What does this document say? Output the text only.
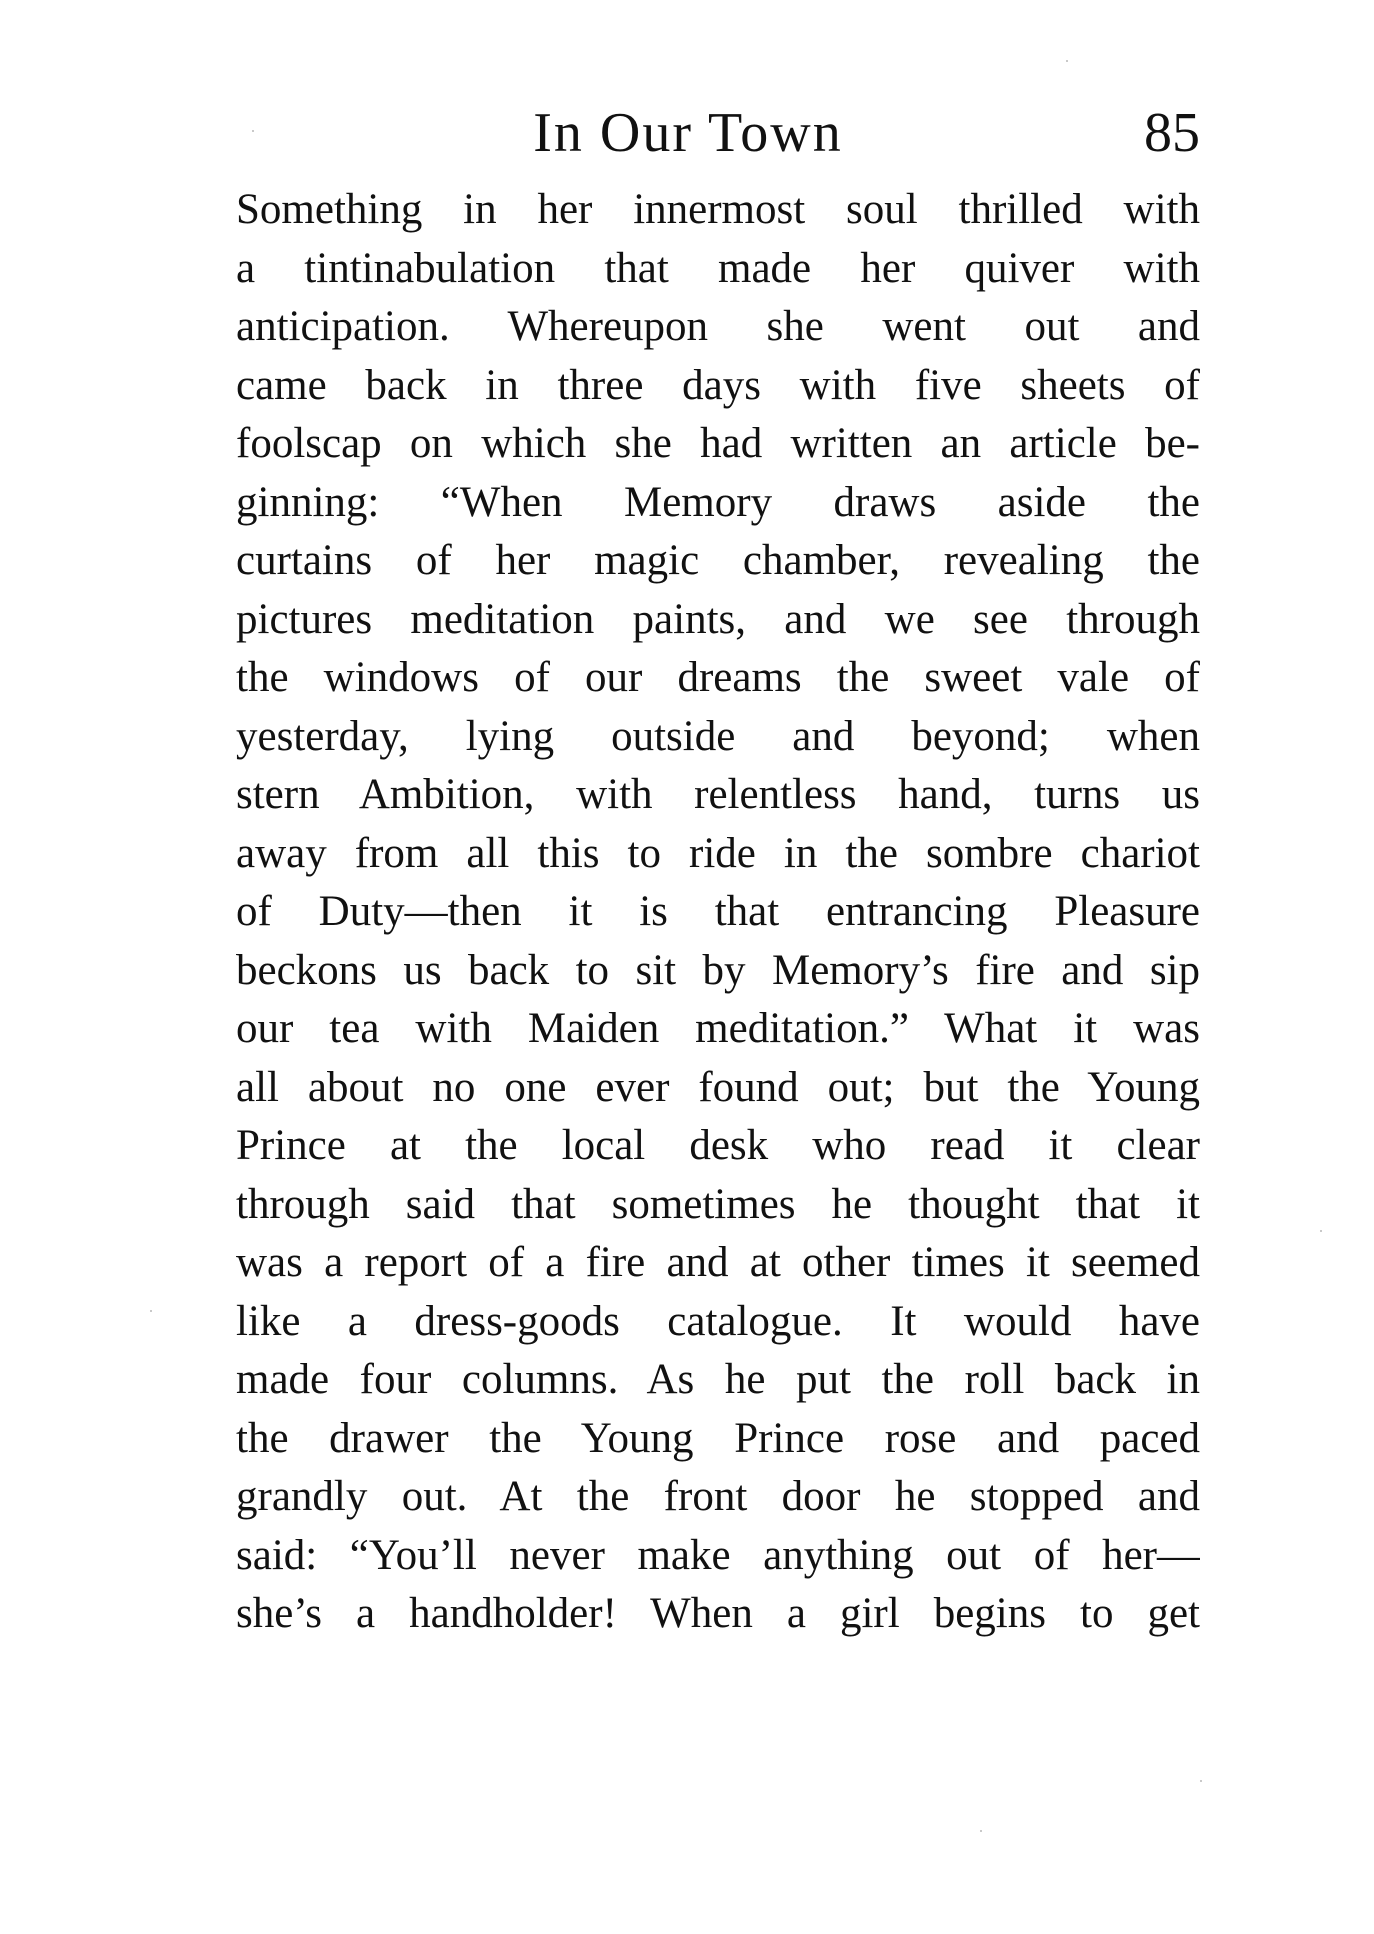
In Our Town	85
Something in her innermost soul thrilled with
a tintinabulation that made her quiver with
anticipation. Whereupon she went out and
came back in three days with five sheets of
foolscap on which she had written an article be-
ginning: “When Memory draws aside the
curtains of her magic chamber, revealing the
pictures meditation paints, and we see through
the windows of our dreams the sweet vale of
yesterday, lying outside and beyond; when
stern Ambition, with relentless hand, turns us
away from all this to ride in the sombre chariot
of Duty—then it is that entrancing Pleasure
beckons us back to sit by Memory’s fire and sip
our tea with Maiden meditation.” What it was
all about no one ever found out; but the Young
Prince at the local desk who read it clear
through said that sometimes he thought that it
was a report of a fire and at other times it seemed
like a dress-goods catalogue. It would have
made four columns. As he put the roll back in
the drawer the Young Prince rose and paced
grandly out. At the front door he stopped and
said: “You’ll never make anything out of her—
she’s a handholder! When a girl begins to get
